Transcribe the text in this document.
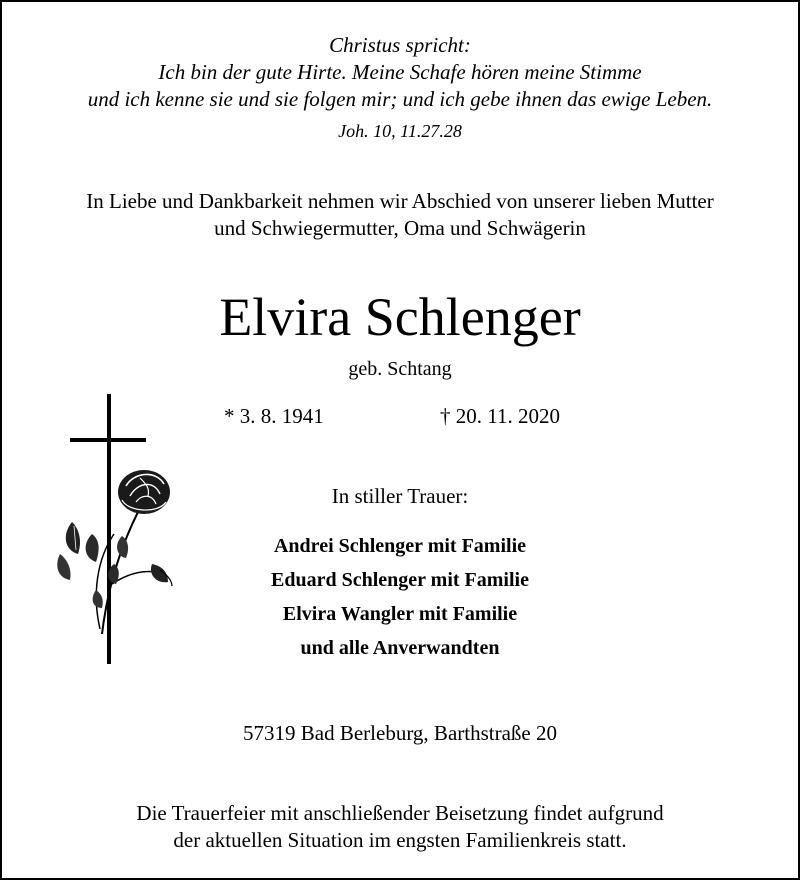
Christus spricht:
Ich bin der gute Hirte. Meine Schafe hören meine Stimme
und ich kenne sie und sie folgen mir; und ich gebe ihnen das ewige Leben.
Joh. 10, 11.27.28
In Liebe und Dankbarkeit nehmen wir Abschied von unserer lieben Mutter
und Schwiegermutter, Oma und Schwägerin
Elvira Schlenger
geb. Schtang
* 3. 8. 1941	† 20. 11. 2020
In stiller Trauer:
Andrei Schlenger mit Familie
Eduard Schlenger mit Familie
Elvira Wangler mit Familie
und alle Anverwandten
57319 Bad Berleburg, Barthstraße 20
Die Trauerfeier mit anschließender Beisetzung findet aufgrund
der aktuellen Situation im engsten Familienkreis statt.
